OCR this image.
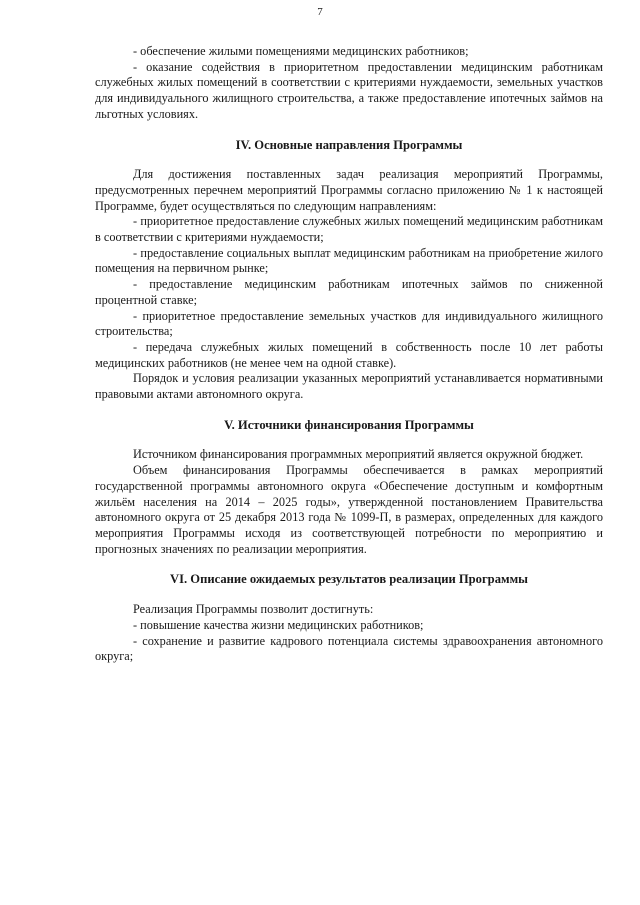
7

- обеспечение жилыми помещениями медицинских работников;

- оказание содействия в приоритетном предоставлении медицинским работникам служебных жилых помещений в соответствии с критериями нуждаемости, земельных участков для индивидуального жилищного строительства, а также предоставление ипотечных займов на льготных условиях.

IV. Основные направления Программы

Для достижения поставленных задач реализация мероприятий Программы, предусмотренных перечнем мероприятий Программы согласно приложению № 1 к настоящей Программе, будет осуществляться по следующим направлениям:

- приоритетное предоставление служебных жилых помещений медицинским работникам в соответствии с критериями нуждаемости;

- предоставление социальных выплат медицинским работникам на приобретение жилого помещения на первичном рынке;

- предоставление медицинским работникам ипотечных займов по сниженной процентной ставке;

- приоритетное предоставление земельных участков для индивидуального жилищного строительства;

- передача служебных жилых помещений в собственность после 10 лет работы медицинских работников (не менее чем на одной ставке).

Порядок и условия реализации указанных мероприятий устанавливается нормативными правовыми актами автономного округа.

V. Источники финансирования Программы

Источником финансирования программных мероприятий является окружной бюджет.

Объем финансирования Программы обеспечивается в рамках мероприятий государственной программы автономного округа «Обеспечение доступным и комфортным жильём населения на 2014 – 2025 годы», утвержденной постановлением Правительства автономного округа от 25 декабря 2013 года № 1099-П, в размерах, определенных для каждого мероприятия Программы исходя из соответствующей потребности по мероприятию и прогнозных значениях по реализации мероприятия.

VI. Описание ожидаемых результатов реализации Программы

Реализация Программы позволит достигнуть:

- повышение качества жизни медицинских работников;

- сохранение и развитие кадрового потенциала системы здравоохранения автономного округа;
